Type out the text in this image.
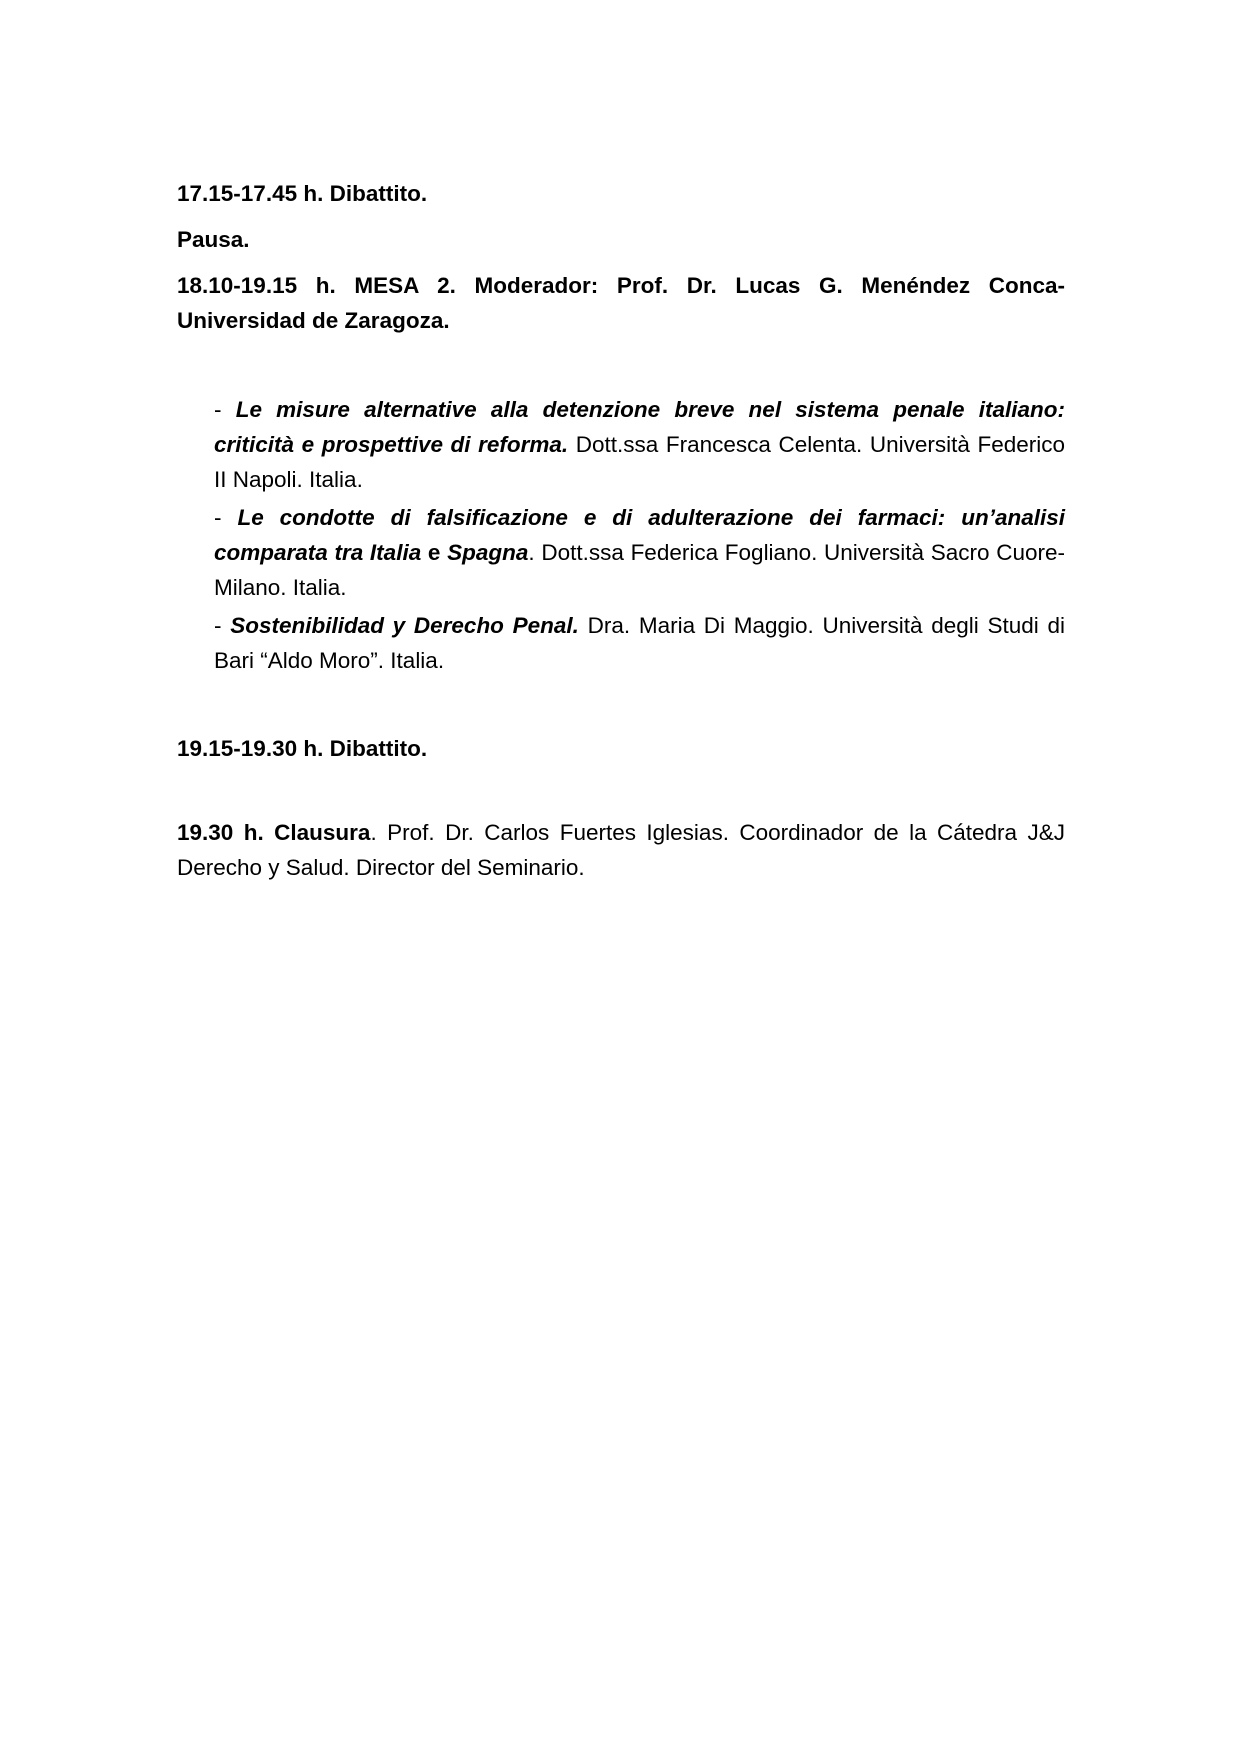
17.15-17.45 h. Dibattito.

Pausa.

18.10-19.15 h. MESA 2. Moderador: Prof. Dr. Lucas G. Menéndez Conca- Universidad de Zaragoza.

- Le misure alternative alla detenzione breve nel sistema penale italiano: criticità e prospettive di reforma. Dott.ssa Francesca Celenta. Università Federico II Napoli. Italia.

- Le condotte di falsificazione e di adulterazione dei farmaci: un’analisi comparata tra Italia e Spagna. Dott.ssa Federica Fogliano. Università Sacro Cuore- Milano. Italia.

- Sostenibilidad y Derecho Penal. Dra. Maria Di Maggio. Università degli Studi di Bari “Aldo Moro”. Italia.

19.15-19.30 h. Dibattito.

19.30 h. Clausura. Prof. Dr. Carlos Fuertes Iglesias. Coordinador de la Cátedra J&J Derecho y Salud. Director del Seminario.
